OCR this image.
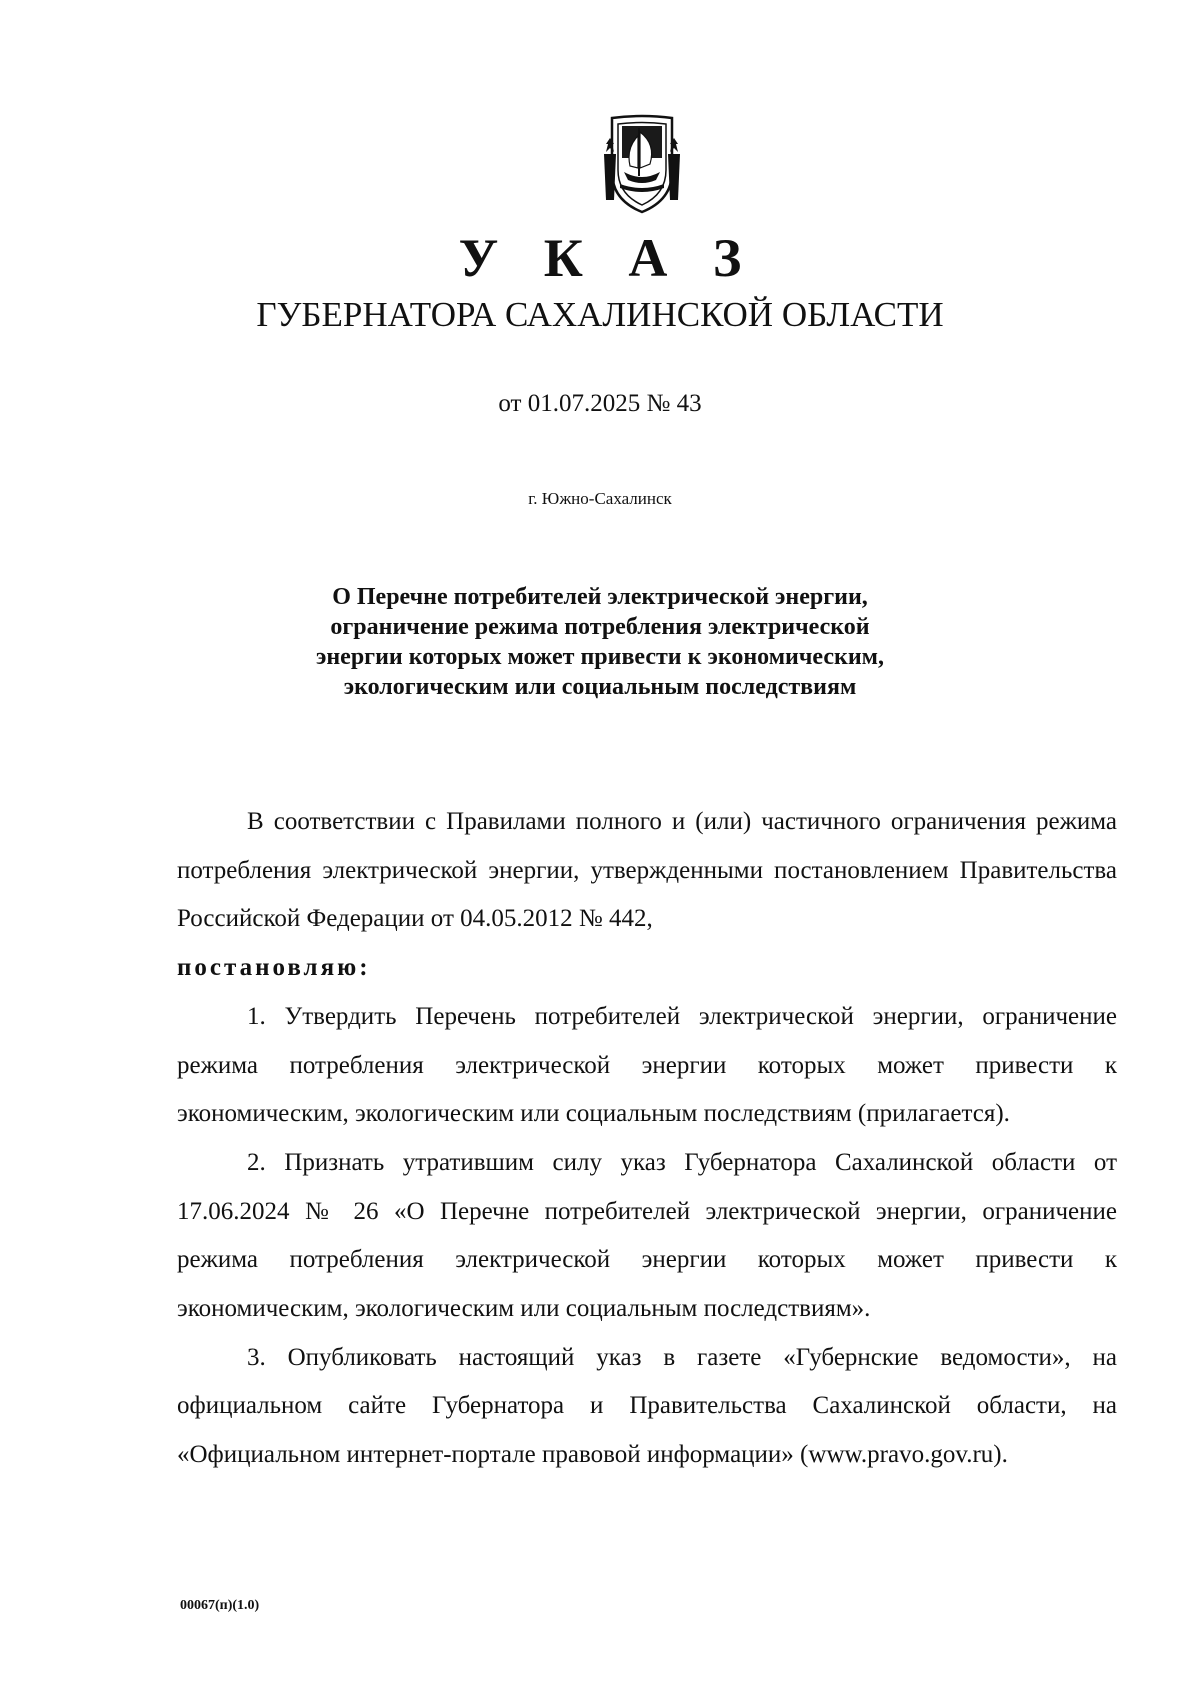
У К А З
ГУБЕРНАТОРА САХАЛИНСКОЙ ОБЛАСТИ
от 01.07.2025 № 43
г. Южно-Сахалинск
О Перечне потребителей электрической энергии,
ограничение режима потребления электрической
энергии которых может привести к экономическим,
экологическим или социальным последствиям

В соответствии с Правилами полного и (или) частичного ограничения режима потребления электрической энергии, утвержденными постановлением Правительства Российской Федерации от 04.05.2012 № 442,

постановляю:

1. Утвердить Перечень потребителей электрической энергии, ограничение режима потребления электрической энергии которых может привести к экономическим, экологическим или социальным последствиям (прилагается).

2. Признать утратившим силу указ Губернатора Сахалинской области от 17.06.2024 № 26 «О Перечне потребителей электрической энергии, ограничение режима потребления электрической энергии которых может привести к экономическим, экологическим или социальным последствиям».

3. Опубликовать настоящий указ в газете «Губернские ведомости», на официальном сайте Губернатора и Правительства Сахалинской области, на «Официальном интернет-портале правовой информации» (www.pravo.gov.ru).

00067(п)(1.0)
